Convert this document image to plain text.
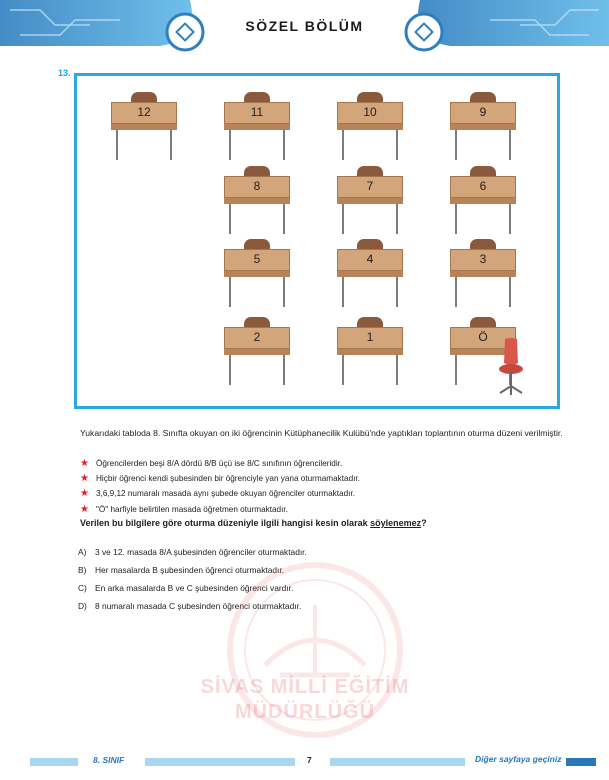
SÖZEL BÖLÜM
13.
12	11	10	9
8	7	6
5	4	3
2	1	Ö
Yukarıdaki tabloda 8. Sınıfta okuyan on iki öğrencinin Kütüphanecilik Kulübü'nde yaptıkları toplantının oturma düzeni verilmiştir.
★ Öğrencilerden beşi 8/A dördü 8/B üçü ise 8/C sınıfının öğrencileridir.
★ Hiçbir öğrenci kendi şubesinden bir öğrenciyle yan yana oturmamaktadır.
★ 3,6,9,12 numaralı masada aynı şubede okuyan öğrenciler oturmaktadır.
★ "Ö" harfiyle belirtilen masada öğretmen oturmaktadır.
Verilen bu bilgilere göre oturma düzeniyle ilgili hangisi kesin olarak söylenemez?
A)	3 ve 12. masada 8/A şubesinden öğrenciler oturmaktadır.
B)	Her masalarda B şubesinden öğrenci oturmaktadır.
C) En arka masalarda B ve C şubesinden öğrenci vardır.
D) 8 numaralı masada C şubesinden öğrenci oturmaktadır.
SİVAS MİLLİ EĞİTİM
MÜDÜRLÜĞÜ
8. SINIF	7	Diğer sayfaya geçiniz
